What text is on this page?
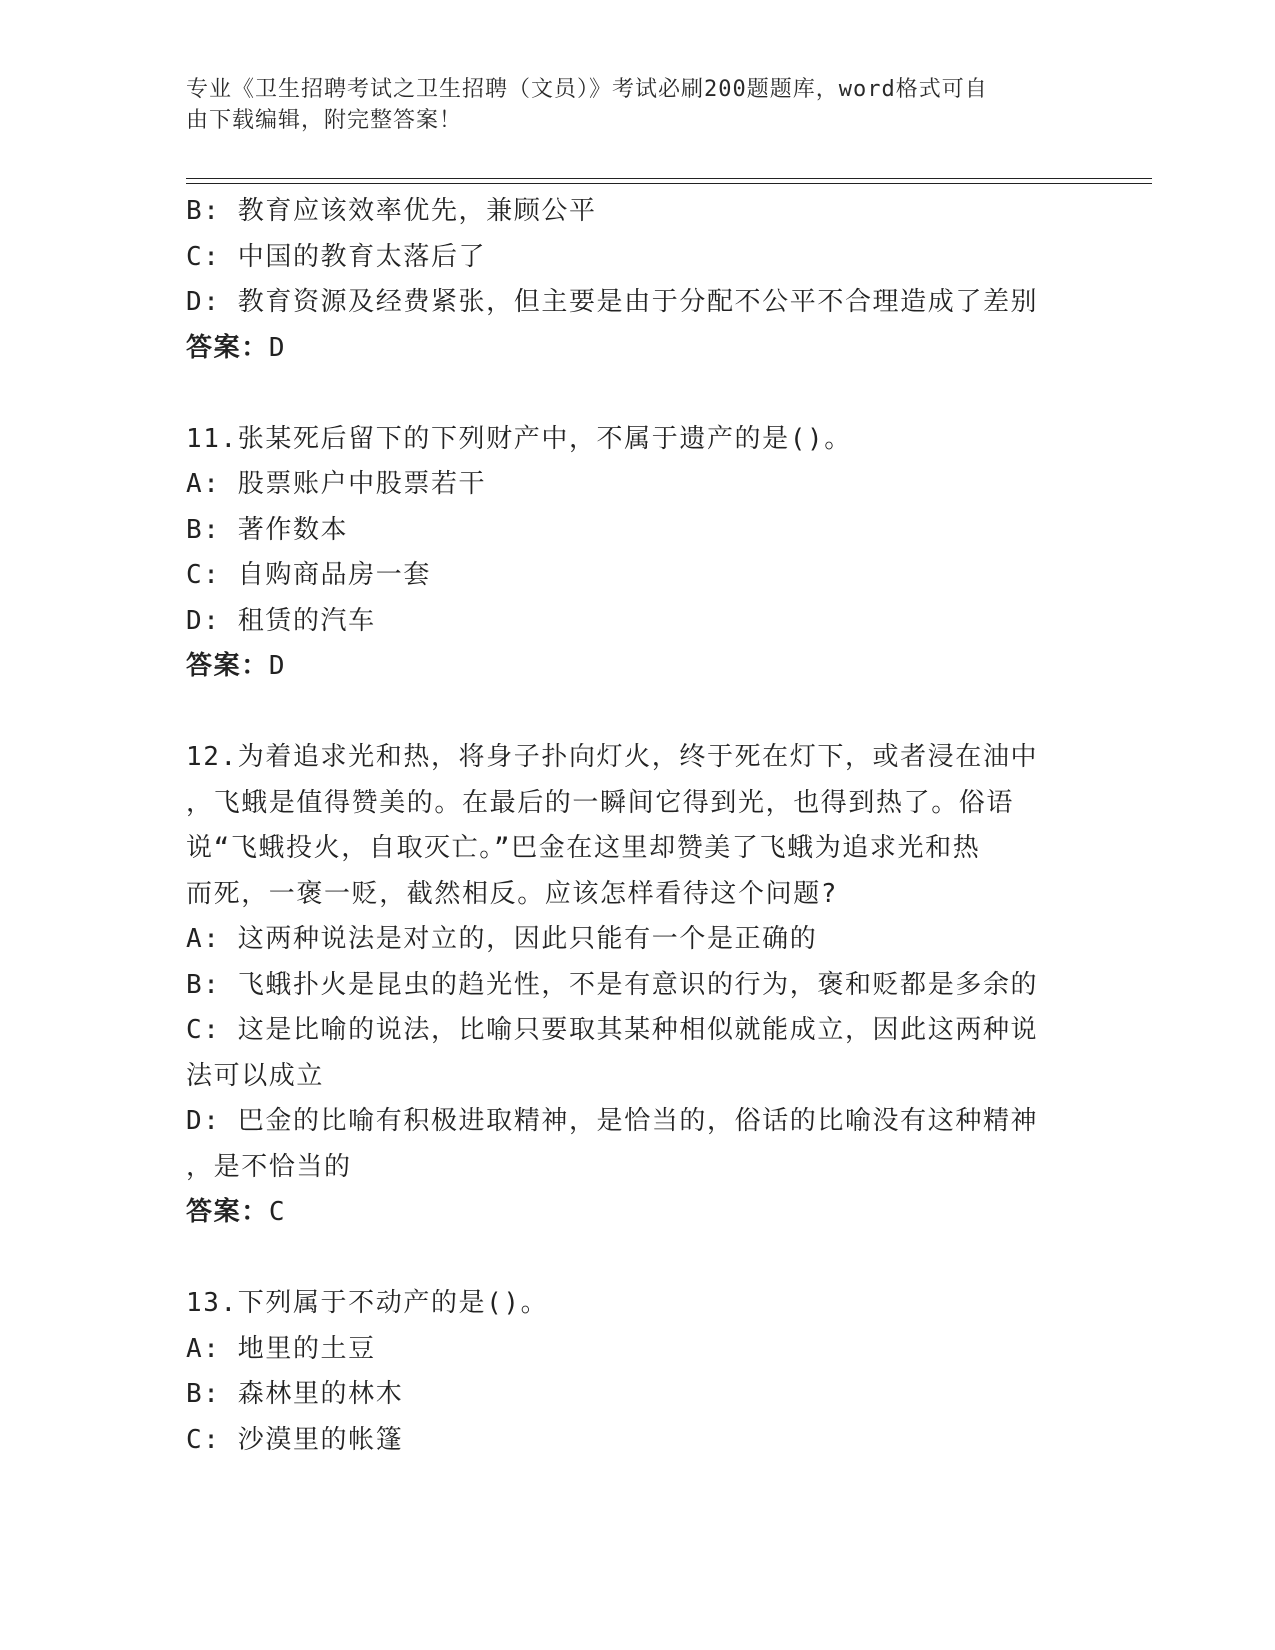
专业《卫生招聘考试之卫生招聘（文员）》考试必刷200题题库，word格式可自
由下载编辑，附完整答案！
B: 教育应该效率优先，兼顾公平
C: 中国的教育太落后了
D: 教育资源及经费紧张，但主要是由于分配不公平不合理造成了差别
答案：D
11.张某死后留下的下列财产中，不属于遗产的是()。
A: 股票账户中股票若干
B: 著作数本
C: 自购商品房一套
D: 租赁的汽车
答案：D
12.为着追求光和热，将身子扑向灯火，终于死在灯下，或者浸在油中
，飞蛾是值得赞美的。在最后的一瞬间它得到光，也得到热了。俗语
说“飞蛾投火，自取灭亡。”巴金在这里却赞美了飞蛾为追求光和热
而死，一褒一贬，截然相反。应该怎样看待这个问题?
A: 这两种说法是对立的，因此只能有一个是正确的
B: 飞蛾扑火是昆虫的趋光性，不是有意识的行为，褒和贬都是多余的
C: 这是比喻的说法，比喻只要取其某种相似就能成立，因此这两种说
法可以成立
D: 巴金的比喻有积极进取精神，是恰当的，俗话的比喻没有这种精神
，是不恰当的
答案：C
13.下列属于不动产的是()。
A: 地里的土豆
B: 森林里的林木
C: 沙漠里的帐篷
